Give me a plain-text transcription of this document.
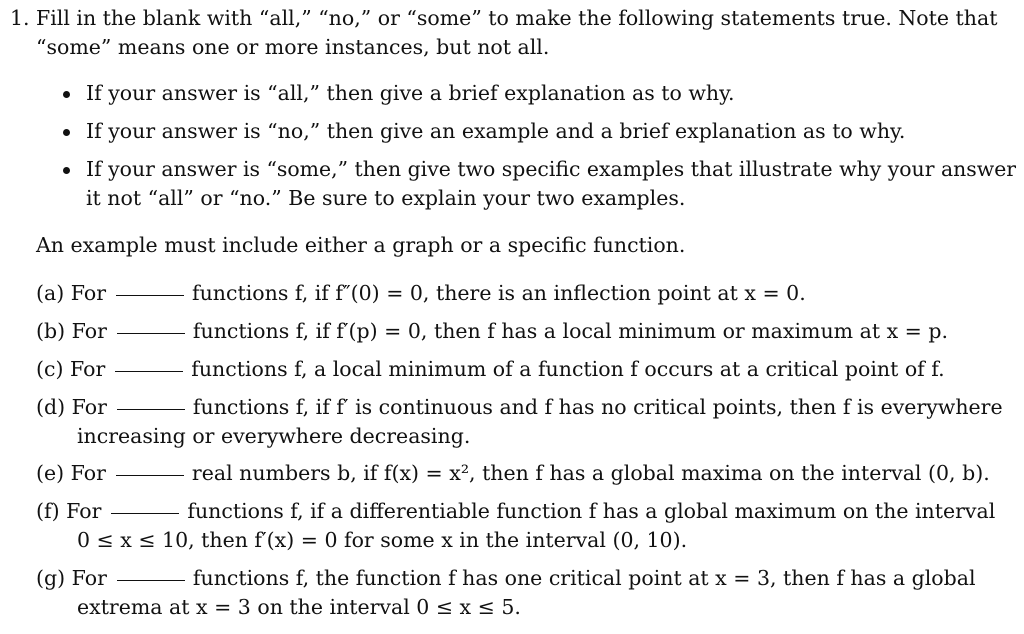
1. Fill in the blank with “all,” “no,” or “some” to make the following statements true. Note that
“some” means one or more instances, but not all.
If your answer is “all,” then give a brief explanation as to why.
If your answer is “no,” then give an example and a brief explanation as to why.
If your answer is “some,” then give two specific examples that illustrate why your answer
it not “all” or “no.” Be sure to explain your two examples.
An example must include either a graph or a specific function.
(a) For	functions f, if f″(0) = 0, there is an inflection point at x = 0.
(b) For	functions f, if f′(p) = 0, then f has a local minimum or maximum at x = p.
(c) For	functions f, a local minimum of a function f occurs at a critical point of f.
(d) For	functions f, if f′ is continuous and f has no critical points, then f is everywhere
increasing or everywhere decreasing.
(e) For	real numbers b, if f(x) = x², then f has a global maxima on the interval (0, b).
(f) For	functions f, if a differentiable function f has a global maximum on the interval
0 ≤ x ≤ 10, then f′(x) = 0 for some x in the interval (0, 10).
(g) For	functions f, the function f has one critical point at x = 3, then f has a global
extrema at x = 3 on the interval 0 ≤ x ≤ 5.
